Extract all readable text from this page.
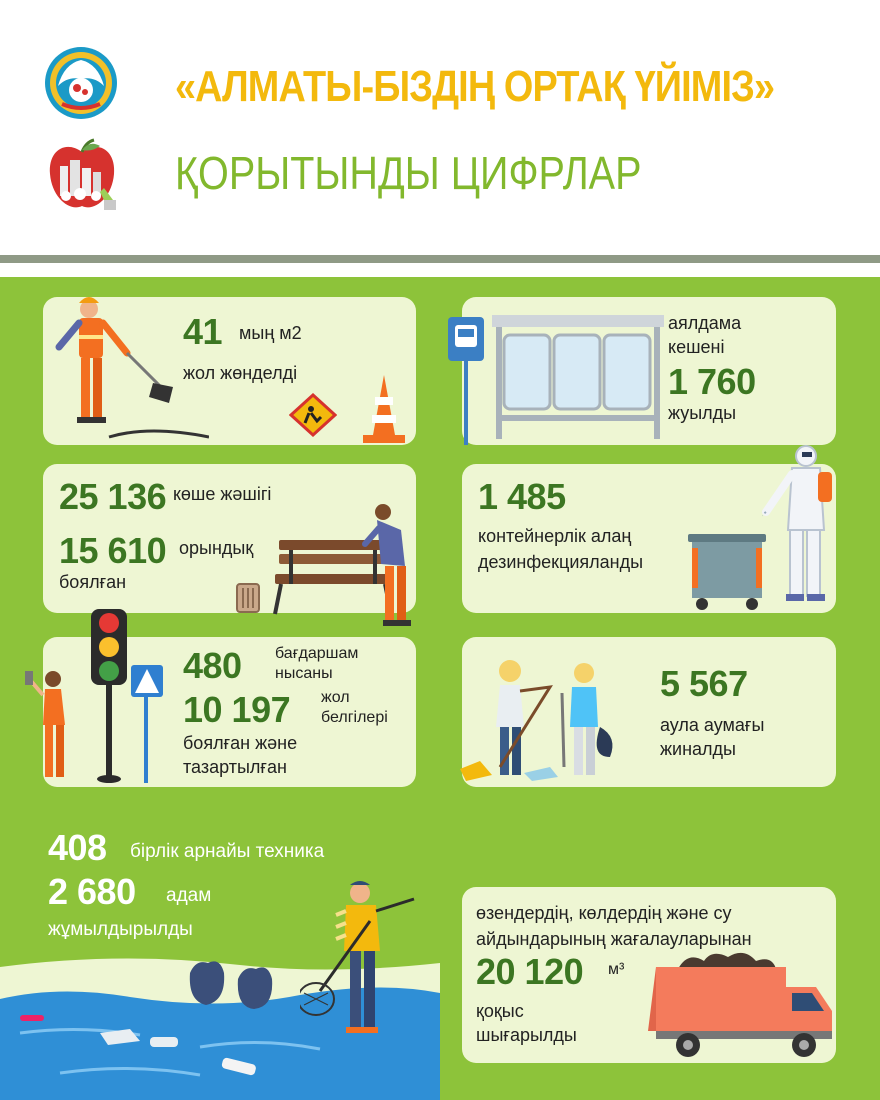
«АЛМАТЫ-БІЗДІҢ ОРТАҚ ҮЙІМІЗ»
ҚОРЫТЫНДЫ ЦИФРЛАР
41 мың м2
жол жөнделді
аялдама
кешені
1 760
жуылды
25 136 көше жәшігі
15 610 орындық
боялған
1 485
контейнерлік алаң
дезинфекцияланды
480 бағдаршам
нысаны
10 197 жол
белгілері
боялған және
тазартылған
5 567
аула аумағы
жиналды
408 бірлік арнайы техника
2 680 адам
жұмылдырылды
өзендердің, көлдердің және су
айдындарының жағалауларынан
20 120 м³
қоқыс
шығарылды
